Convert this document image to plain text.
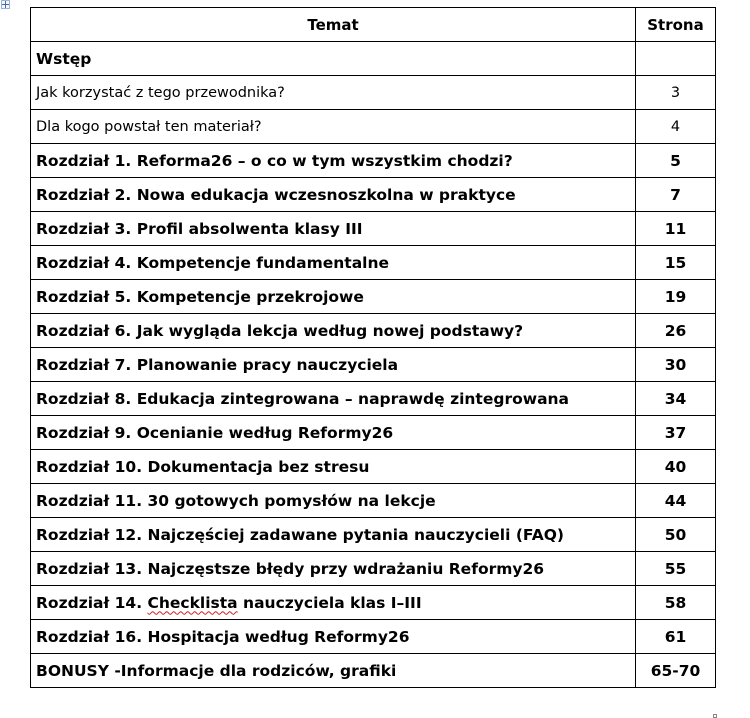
Temat	Strona
Wstęp	
Jak korzystać z tego przewodnika?	3
Dla kogo powstał ten materiał?	4
Rozdział 1. Reforma26 – o co w tym wszystkim chodzi?	5
Rozdział 2. Nowa edukacja wczesnoszkolna w praktyce	7
Rozdział 3. Profil absolwenta klasy III	11
Rozdział 4. Kompetencje fundamentalne	15
Rozdział 5. Kompetencje przekrojowe	19
Rozdział 6. Jak wygląda lekcja według nowej podstawy?	26
Rozdział 7. Planowanie pracy nauczyciela	30
Rozdział 8. Edukacja zintegrowana – naprawdę zintegrowana	34
Rozdział 9. Ocenianie według Reformy26	37
Rozdział 10. Dokumentacja bez stresu	40
Rozdział 11. 30 gotowych pomysłów na lekcje	44
Rozdział 12. Najczęściej zadawane pytania nauczycieli (FAQ)	50
Rozdział 13. Najczęstsze błędy przy wdrażaniu Reformy26	55
Rozdział 14. Checklista nauczyciela klas I–III	58
Rozdział 16. Hospitacja według Reformy26	61
BONUSY -Informacje dla rodziców, grafiki	65-70
